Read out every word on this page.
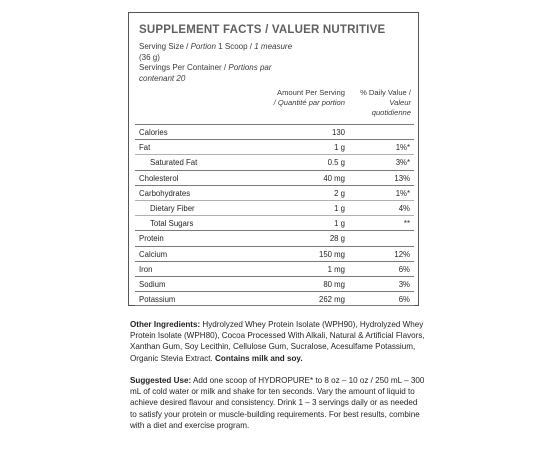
SUPPLEMENT FACTS / VALUER NUTRITIVE
Serving Size / Portion 1 Scoop / 1 measure (36 g)
Servings Per Container / Portions par contenant 20
Amount Per Serving
/ Quantité par portion
% Daily Value /
Valeur quotidienne
Calories	130
Fat	1 g	1%*
Saturated Fat	0.5 g	3%*
Cholesterol	40 mg	13%
Carbohydrates	2 g	1%*
Dietary Fiber	1 g	4%
Total Sugars	1 g	**
Protein	28 g
Calcium	150 mg	12%
Iron	1 mg	6%
Sodium	80 mg	3%
Potassium	262 mg	6%
Other Ingredients: Hydrolyzed Whey Protein Isolate (WPH90), Hydrolyzed Whey Protein Isolate (WPH80), Cocoa Processed With Alkali, Natural & Artificial Flavors, Xanthan Gum, Soy Lecithin, Cellulose Gum, Sucralose, Acesulfame Potassium, Organic Stevia Extract. Contains milk and soy.
Suggested Use: Add one scoop of HYDROPURE* to 8 oz – 10 oz / 250 mL – 300 mL of cold water or milk and shake for ten seconds. Vary the amount of liquid to achieve desired flavour and consistency. Drink 1 – 3 servings daily or as needed to satisfy your protein or muscle-building requirements. For best results, combine with a diet and exercise program.
